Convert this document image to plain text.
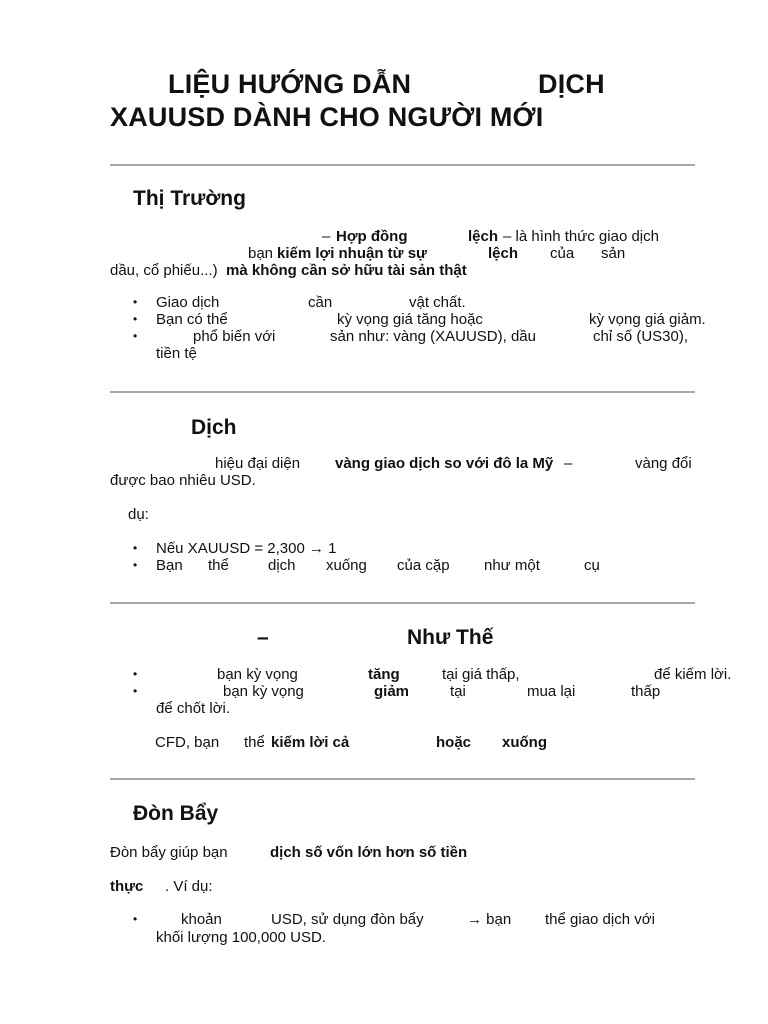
LIỆU HƯỚNG DẪN	DỊCH
XAUUSD DÀNH CHO NGƯỜI MỚI
Thị Trường
– Hợp đồng	lệch – là hình thức giao dịch
bạn kiếm lợi nhuận từ sự	lệch của sản
dầu, cổ phiếu...) mà không cần sở hữu tài sản thật
• Giao dịch	cần	vật chất.
• Bạn có thể	kỳ vọng giá tăng hoặc	kỳ vọng giá giảm.
•	phổ biến với	sản như: vàng (XAUUSD), dầu	chỉ số (US30),
tiền tệ
Dịch
hiệu đại diện vàng giao dịch so với đô la Mỹ –	vàng đổi
được bao nhiêu USD.
dụ:
• Nếu XAUUSD = 2,300 → 1
• Bạn thể	dịch xuống của cặp như một	cụ
–	Như Thế
•	bạn kỳ vọng	tăng	tại giá thấp,	để kiếm lời.
•	bạn kỳ vọng	giảm	tại	mua lại	thấp
để chốt lời.
CFD, bạn thể kiếm lời cả	hoặc xuống
Đòn Bẩy
Đòn bẩy giúp bạn	dịch số vốn lớn hơn số tiền
thực . Ví dụ:
•	khoản	USD, sử dụng đòn bẩy	→ bạn thể giao dịch với
khối lượng 100,000 USD.
